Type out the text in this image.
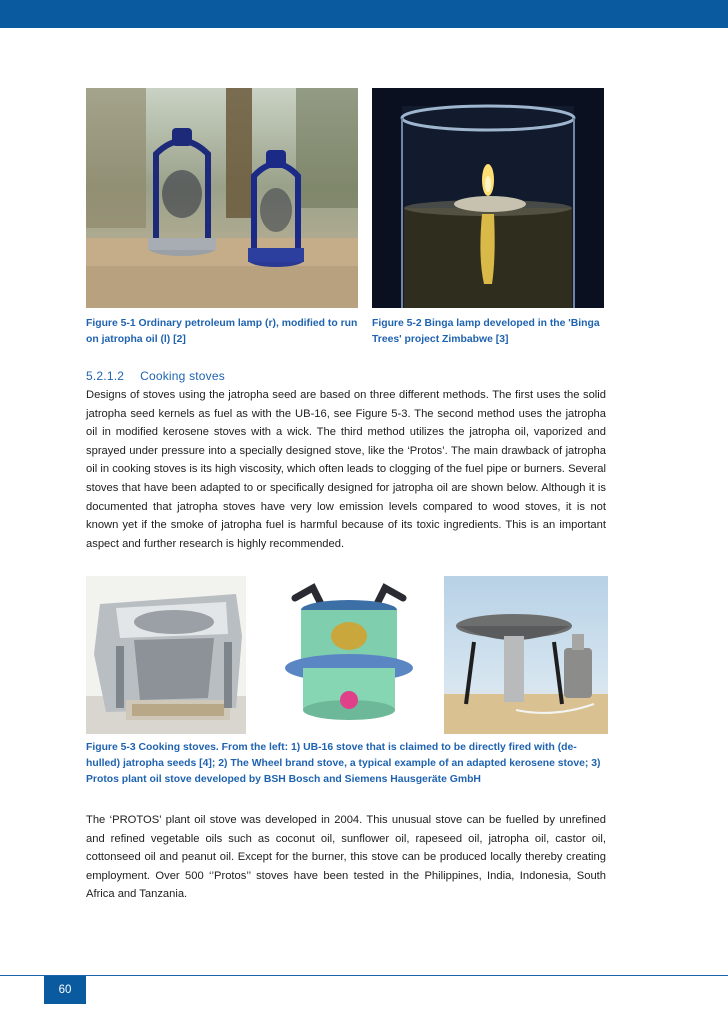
Figure 5-1 Ordinary petroleum lamp (r), modified to run on jatropha oil (l) [2]
Figure 5-2 Binga lamp developed in the 'Binga Trees' project Zimbabwe [3]
5.2.1.2 Cooking stoves

Designs of stoves using the jatropha seed are based on three different methods. The first uses the solid jatropha seed kernels as fuel as with the UB-16, see Figure 5-3. The second method uses the jatropha oil in modified kerosene stoves with a wick. The third method utilizes the jatropha oil, vaporized and sprayed under pressure into a specially designed stove, like the ‘Protos’. The main drawback of jatropha oil in cooking stoves is its high viscosity, which often leads to clogging of the fuel pipe or burners. Several stoves that have been adapted to or specifically designed for jatropha oil are shown below. Although it is documented that jatropha stoves have very low emission levels compared to wood stoves, it is not known yet if the smoke of jatropha fuel is harmful because of its toxic ingredients. This is an important aspect and further research is highly recommended.

Figure 5-3 Cooking stoves. From the left: 1) UB-16 stove that is claimed to be directly fired with (de-hulled) jatropha seeds [4]; 2) The Wheel brand stove, a typical example of an adapted kerosene stove; 3) Protos plant oil stove developed by BSH Bosch and Siemens Hausgeräte GmbH

The ‘PROTOS’ plant oil stove was developed in 2004. This unusual stove can be fuelled by unrefined and refined vegetable oils such as coconut oil, sunflower oil, rapeseed oil, jatropha oil, castor oil, cottonseed oil and peanut oil. Except for the burner, this stove can be produced locally thereby creating employment. Over 500 ‘’Protos’’ stoves have been tested in the Philippines, India, Indonesia, South Africa and Tanzania.

60
